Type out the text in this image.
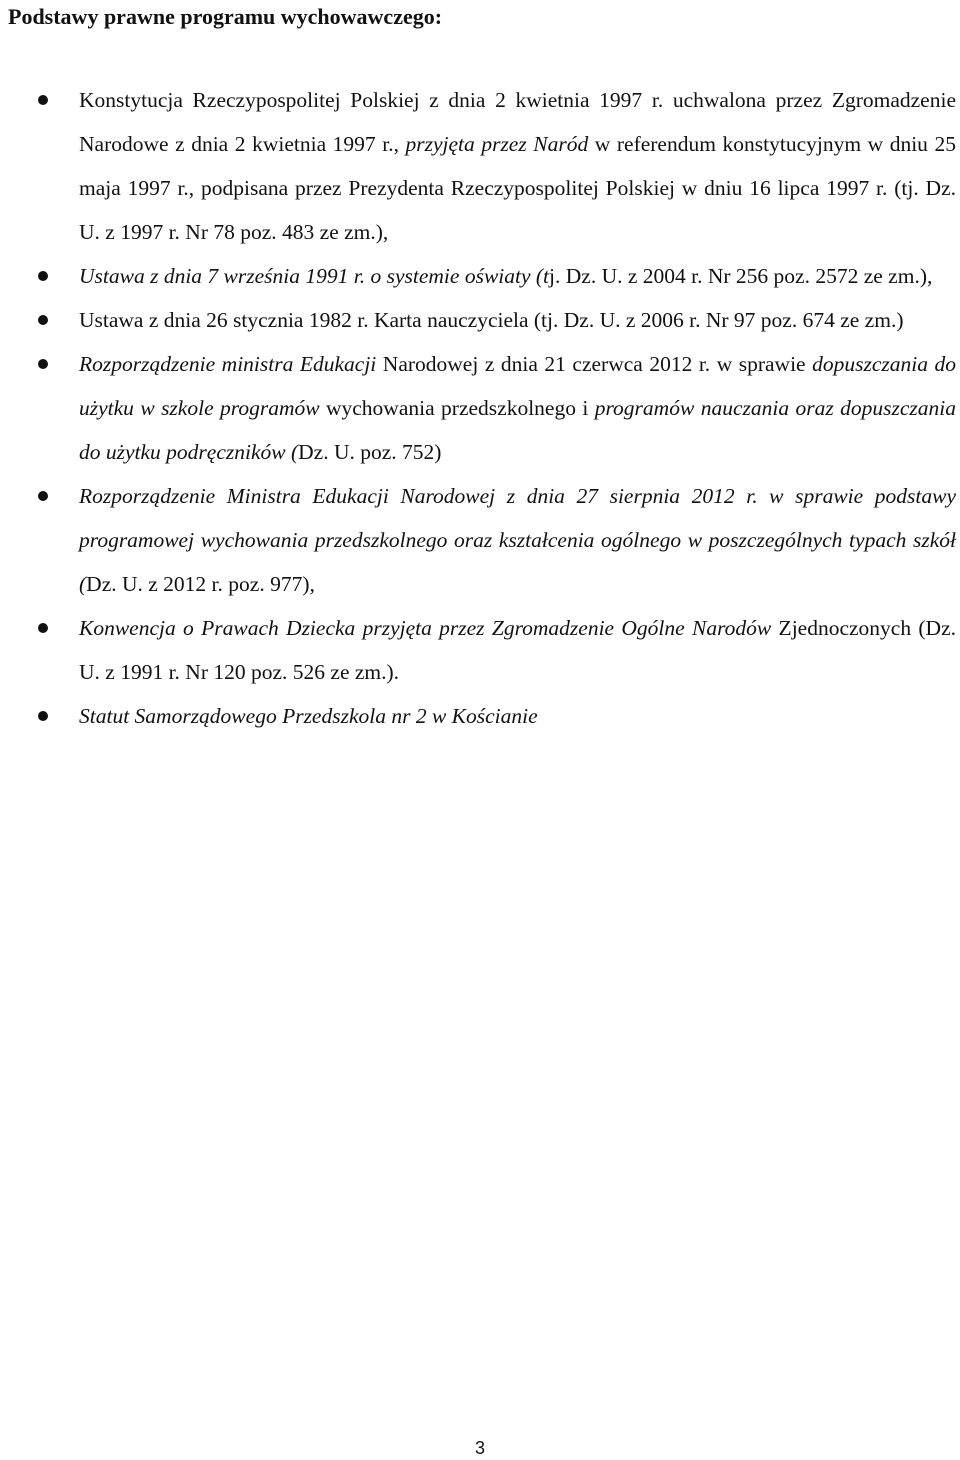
Podstawy prawne programu wychowawczego:
Konstytucja Rzeczypospolitej Polskiej z dnia 2 kwietnia 1997 r. uchwalona przez Zgromadzenie Narodowe z dnia 2 kwietnia 1997 r., przyjęta przez Naród w referendum konstytucyjnym w dniu 25 maja 1997 r., podpisana przez Prezydenta Rzeczypospolitej Polskiej w dniu 16 lipca 1997 r. (tj. Dz. U. z 1997 r. Nr 78 poz. 483 ze zm.),
Ustawa z dnia 7 września 1991 r. o systemie oświaty (tj. Dz. U. z 2004 r. Nr 256 poz. 2572 ze zm.),
Ustawa z dnia 26 stycznia 1982 r. Karta nauczyciela (tj. Dz. U. z 2006 r. Nr 97 poz. 674 ze zm.)
Rozporządzenie ministra Edukacji Narodowej z dnia 21 czerwca 2012 r. w sprawie dopuszczania do użytku w szkole programów wychowania przedszkolnego i programów nauczania oraz dopuszczania do użytku podręczników (Dz. U. poz. 752)
Rozporządzenie Ministra Edukacji Narodowej z dnia 27 sierpnia 2012 r. w sprawie podstawy programowej wychowania przedszkolnego oraz kształcenia ogólnego w poszczególnych typach szkół (Dz. U. z 2012 r. poz. 977),
Konwencja o Prawach Dziecka przyjęta przez Zgromadzenie Ogólne Narodów Zjednoczonych (Dz. U. z 1991 r. Nr 120 poz. 526 ze zm.).
Statut Samorządowego Przedszkola nr 2 w Kościanie
3
